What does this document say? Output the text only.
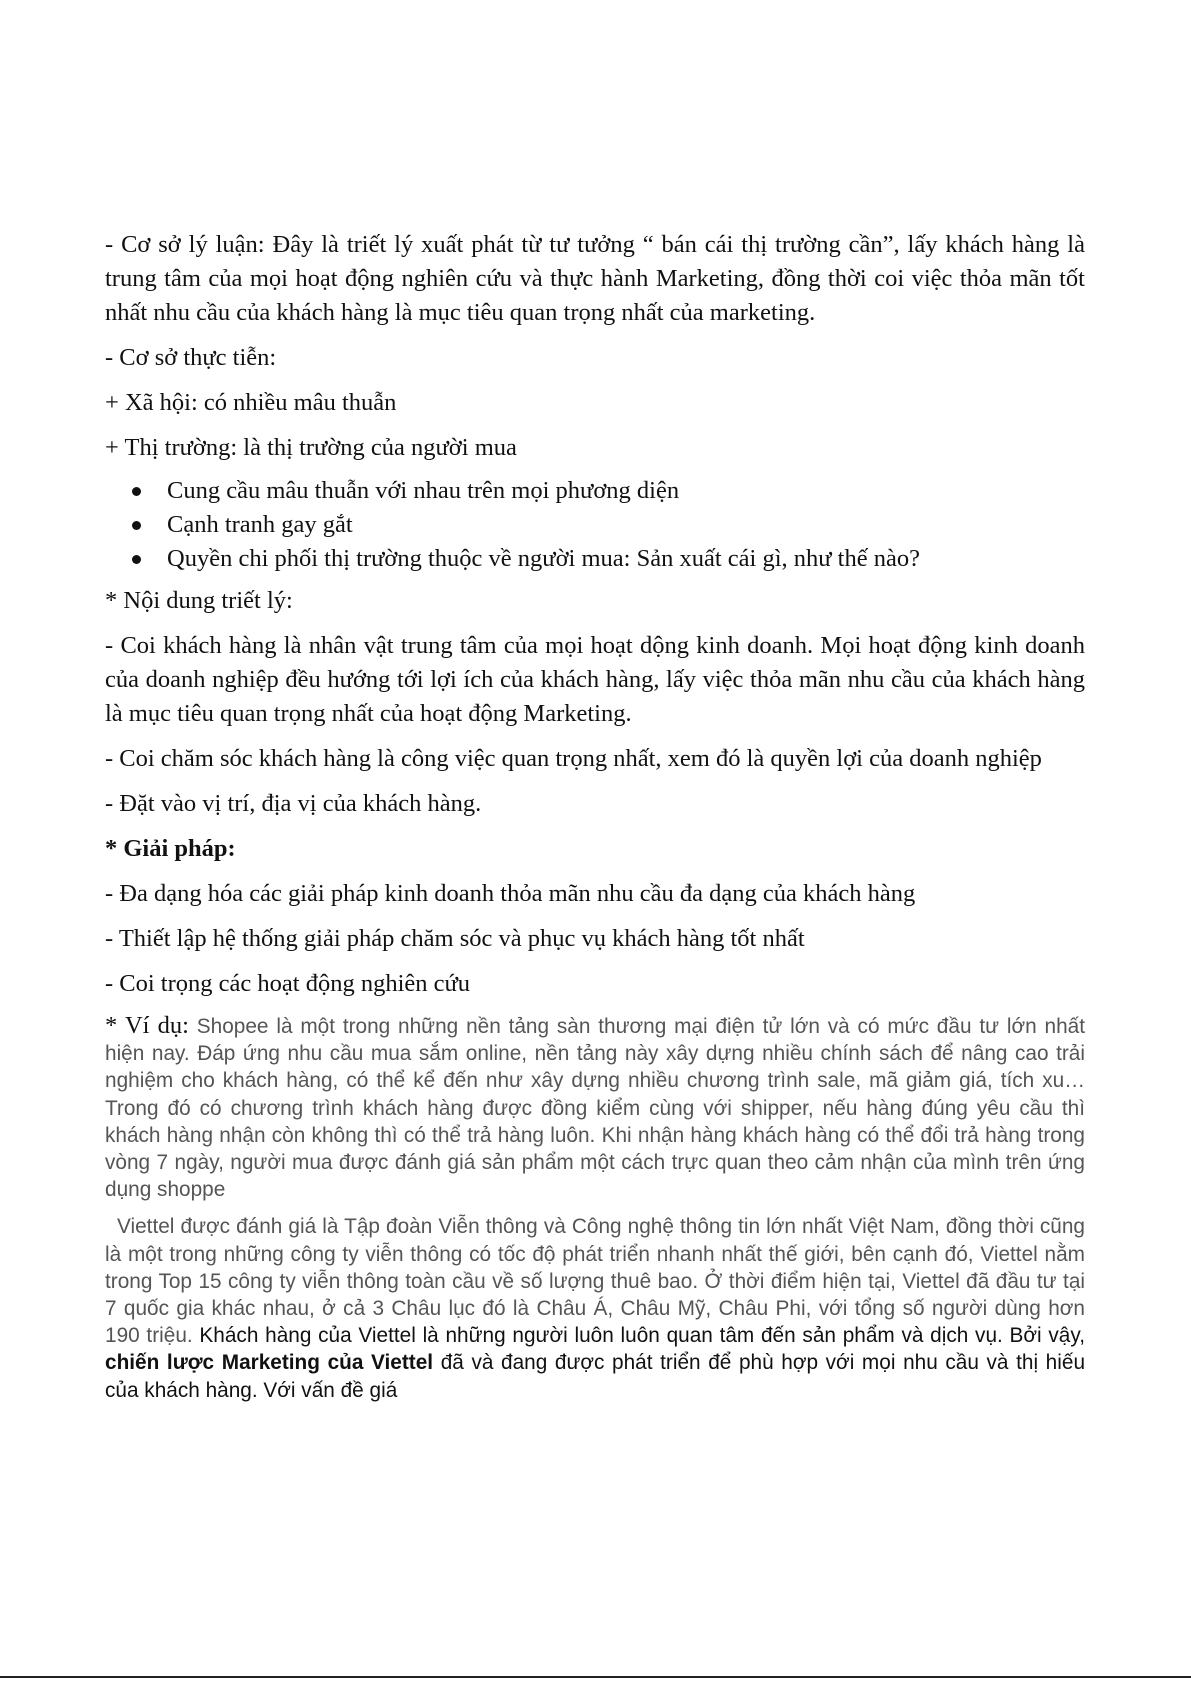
- Cơ sở lý luận: Đây là triết lý xuất phát từ tư tưởng “ bán cái thị trường cần”, lấy khách hàng là trung tâm của mọi hoạt động nghiên cứu và thực hành Marketing, đồng thời coi việc thỏa mãn tốt nhất nhu cầu của khách hàng là mục tiêu quan trọng nhất của marketing.

- Cơ sở thực tiễn:

+ Xã hội: có nhiều mâu thuẫn

+ Thị trường: là thị trường của người mua

Cung cầu mâu thuẫn với nhau trên mọi phương diện
Cạnh tranh gay gắt
Quyền chi phối thị trường thuộc về người mua: Sản xuất cái gì, như thế nào?

* Nội dung triết lý:

- Coi khách hàng là nhân vật trung tâm của mọi hoạt dộng kinh doanh. Mọi hoạt động kinh doanh của doanh nghiệp đều hướng tới lợi ích của khách hàng, lấy việc thỏa mãn nhu cầu của khách hàng là mục tiêu quan trọng nhất của hoạt động Marketing.

- Coi chăm sóc khách hàng là công việc quan trọng nhất, xem đó là quyền lợi của doanh nghiệp

- Đặt vào vị trí, địa vị của khách hàng.

* Giải pháp:

- Đa dạng hóa các giải pháp kinh doanh thỏa mãn nhu cầu đa dạng của khách hàng

- Thiết lập hệ thống giải pháp chăm sóc và phục vụ khách hàng tốt nhất

- Coi trọng các hoạt động nghiên cứu

* Ví dụ: Shopee là một trong những nền tảng sàn thương mại điện tử lớn và có mức đầu tư lớn nhất hiện nay. Đáp ứng nhu cầu mua sắm online, nền tảng này xây dựng nhiều chính sách để nâng cao trải nghiệm cho khách hàng, có thể kể đến như xây dựng nhiều chương trình sale, mã giảm giá, tích xu… Trong đó có chương trình khách hàng được đồng kiểm cùng với shipper, nếu hàng đúng yêu cầu thì khách hàng nhận còn không thì có thể trả hàng luôn. Khi nhận hàng khách hàng có thể đổi trả hàng trong vòng 7 ngày, người mua được đánh giá sản phẩm một cách trực quan theo cảm nhận của mình trên ứng dụng shoppe

Viettel được đánh giá là Tập đoàn Viễn thông và Công nghệ thông tin lớn nhất Việt Nam, đồng thời cũng là một trong những công ty viễn thông có tốc độ phát triển nhanh nhất thế giới, bên cạnh đó, Viettel nằm trong Top 15 công ty viễn thông toàn cầu về số lượng thuê bao. Ở thời điểm hiện tại, Viettel đã đầu tư tại 7 quốc gia khác nhau, ở cả 3 Châu lục đó là Châu Á, Châu Mỹ, Châu Phi, với tổng số người dùng hơn 190 triệu. Khách hàng của Viettel là những người luôn luôn quan tâm đến sản phẩm và dịch vụ. Bởi vậy, chiến lược Marketing của Viettel đã và đang được phát triển để phù hợp với mọi nhu cầu và thị hiếu của khách hàng. Với vấn đề giá
